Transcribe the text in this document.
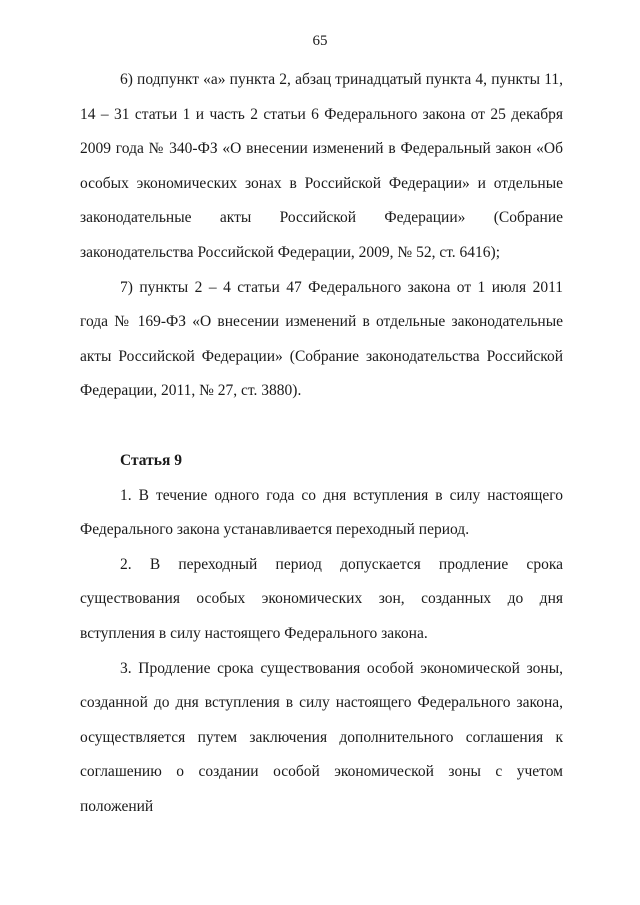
65

6) подпункт «а» пункта 2, абзац тринадцатый пункта 4, пункты 11, 14 – 31 статьи 1 и часть 2 статьи 6 Федерального закона от 25 декабря 2009 года № 340-ФЗ «О внесении изменений в Федеральный закон «Об особых экономических зонах в Российской Федерации» и отдельные законодательные акты Российской Федерации» (Собрание законодательства Российской Федерации, 2009, № 52, ст. 6416);

7) пункты 2 – 4 статьи 47 Федерального закона от 1 июля 2011 года № 169-ФЗ «О внесении изменений в отдельные законодательные акты Российской Федерации» (Собрание законодательства Российской Федерации, 2011, № 27, ст. 3880).

Статья 9

1. В течение одного года со дня вступления в силу настоящего Федерального закона устанавливается переходный период.

2. В переходный период допускается продление срока существования особых экономических зон, созданных до дня вступления в силу настоящего Федерального закона.

3. Продление срока существования особой экономической зоны, созданной до дня вступления в силу настоящего Федерального закона, осуществляется путем заключения дополнительного соглашения к соглашению о создании особой экономической зоны с учетом положений
